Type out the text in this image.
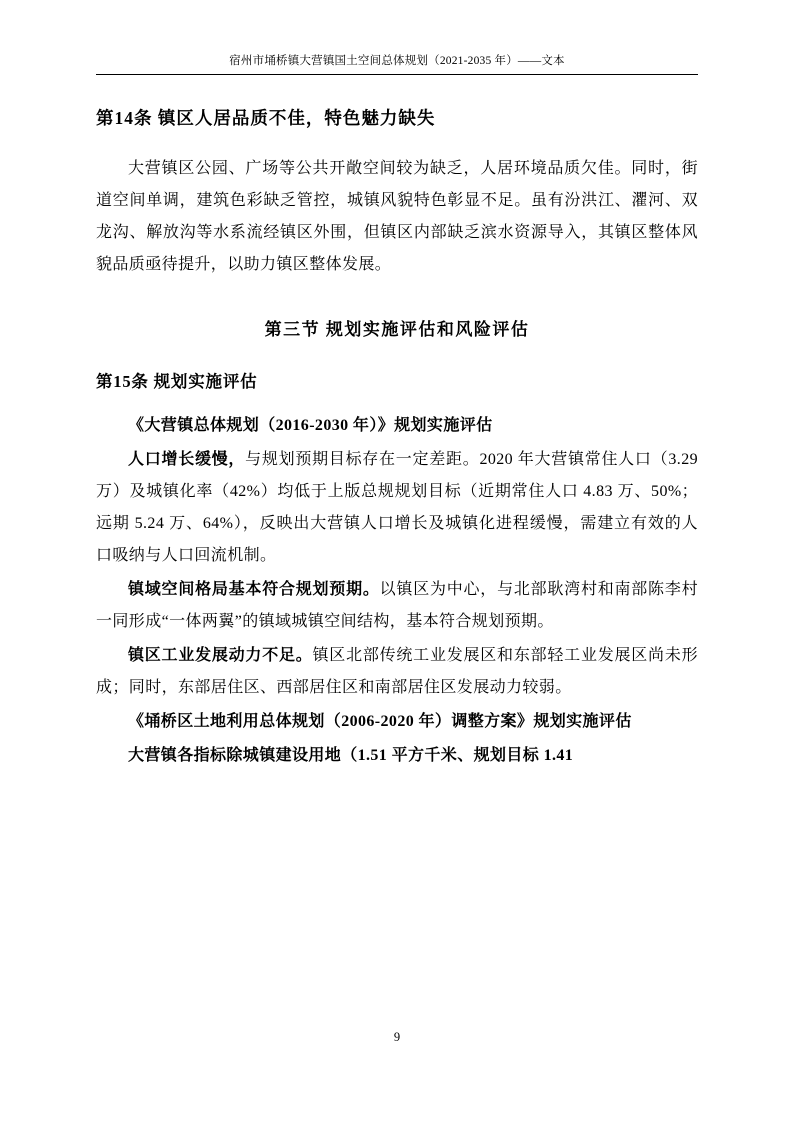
宿州市埇桥镇大营镇国土空间总体规划（2021-2035 年）——文本
第14条 镇区人居品质不佳，特色魅力缺失

大营镇区公园、广场等公共开敞空间较为缺乏，人居环境品质欠佳。同时，街道空间单调，建筑色彩缺乏管控，城镇风貌特色彰显不足。虽有汾洪江、灈河、双龙沟、解放沟等水系流经镇区外围，但镇区内部缺乏滨水资源导入，其镇区整体风貌品质亟待提升，以助力镇区整体发展。

第三节 规划实施评估和风险评估
第15条 规划实施评估

《大营镇总体规划（2016-2030 年）》规划实施评估

人口增长缓慢，与规划预期目标存在一定差距。2020 年大营镇常住人口（3.29 万）及城镇化率（42%）均低于上版总规规划目标（近期常住人口 4.83 万、50%；远期 5.24 万、64%），反映出大营镇人口增长及城镇化进程缓慢，需建立有效的人口吸纳与人口回流机制。

镇域空间格局基本符合规划预期。以镇区为中心，与北部耿湾村和南部陈李村一同形成“一体两翼”的镇域城镇空间结构，基本符合规划预期。

镇区工业发展动力不足。镇区北部传统工业发展区和东部轻工业发展区尚未形成；同时，东部居住区、西部居住区和南部居住区发展动力较弱。

《埇桥区土地利用总体规划（2006-2020 年）调整方案》规划实施评估

大营镇各指标除城镇建设用地（1.51 平方千米、规划目标 1.41

9
